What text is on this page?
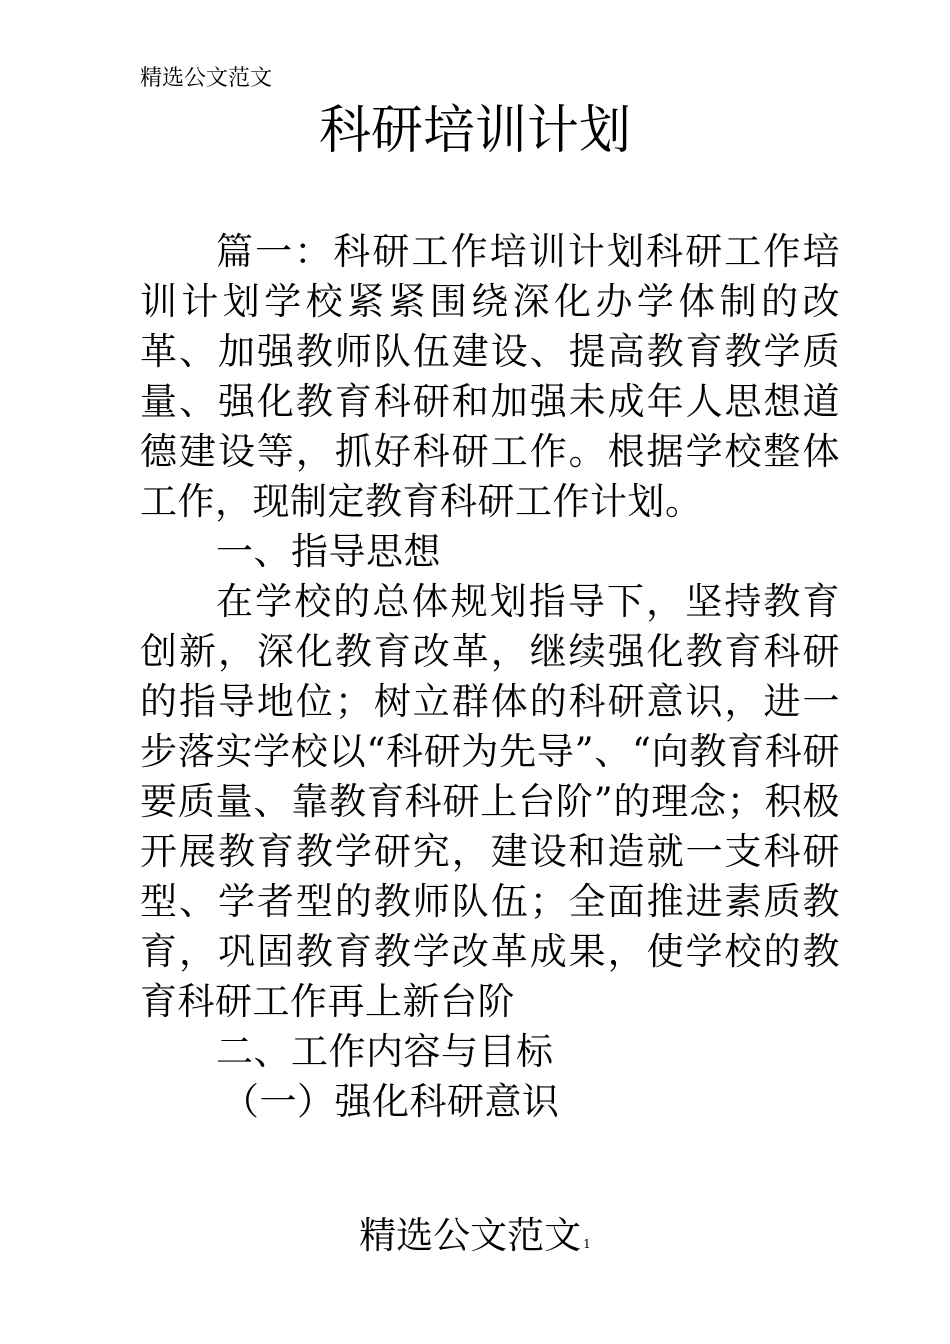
精选公文范文
科研培训计划

篇一：科研工作培训计划科研工作培训计划学校紧紧围绕深化办学体制的改革、加强教师队伍建设、提高教育教学质量、强化教育科研和加强未成年人思想道德建设等，抓好科研工作。根据学校整体工作，现制定教育科研工作计划。

一、指导思想

在学校的总体规划指导下，坚持教育创新，深化教育改革，继续强化教育科研的指导地位；树立群体的科研意识，进一步落实学校以“科研为先导”、“向教育科研要质量、靠教育科研上台阶”的理念；积极开展教育教学研究，建设和造就一支科研型、学者型的教师队伍；全面推进素质教育，巩固教育教学改革成果，使学校的教育科研工作再上新台阶

二、工作内容与目标

（一）强化科研意识

精选公文范文 1
